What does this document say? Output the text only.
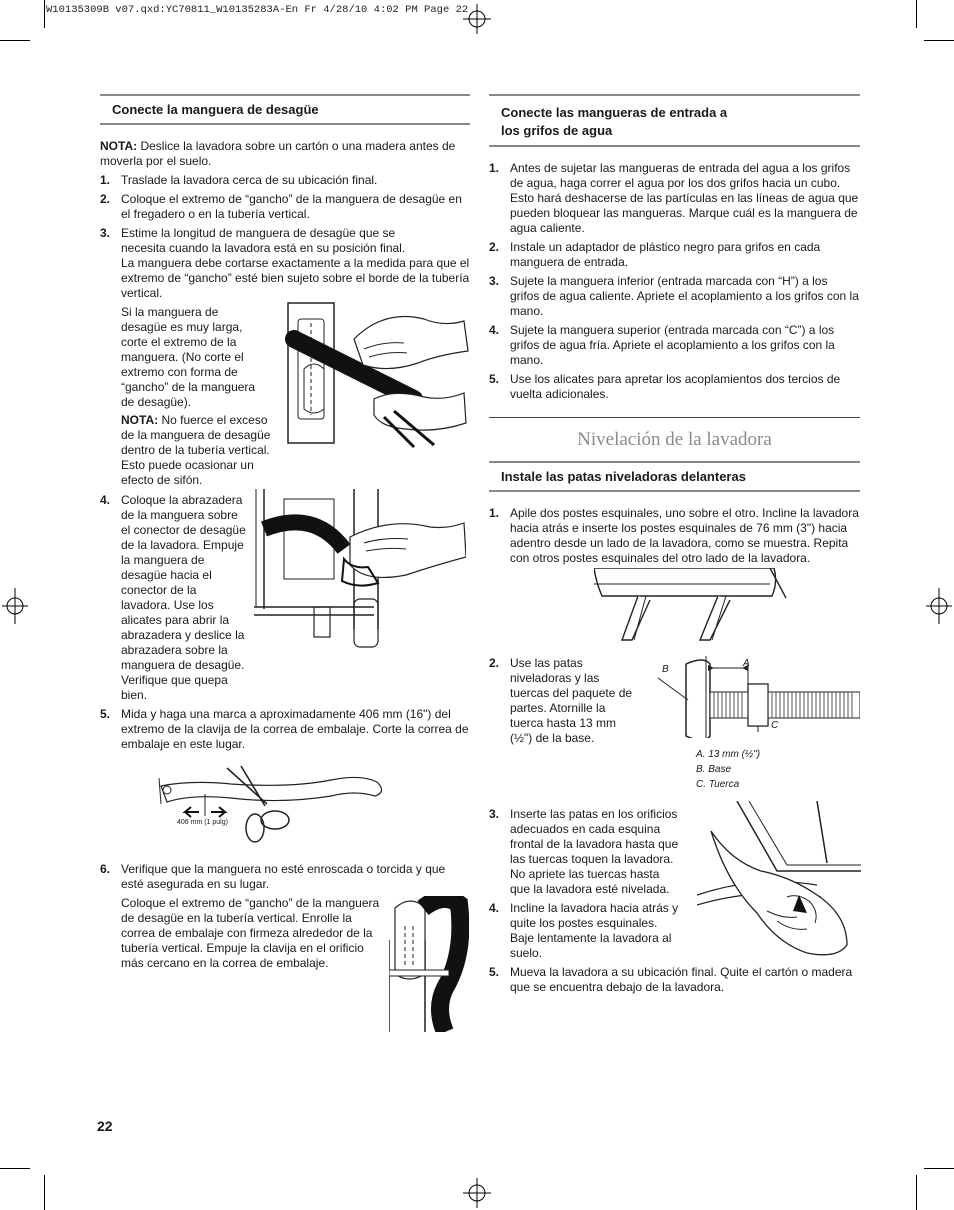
W10135309B v07.qxd:YC70811_W10135283A-En Fr 4/28/10 4:02 PM Page 22
Conecte la manguera de desagüe

NOTA: Deslice la lavadora sobre un cartón o una madera antes de moverla por el suelo.

1. Traslade la lavadora cerca de su ubicación final.

2. Coloque el extremo de “gancho” de la manguera de desagüe en el fregadero o en la tubería vertical.

3. Estime la longitud de manguera de desagüe que se necesita cuando la lavadora está en su posición final.

La manguera debe cortarse exactamente a la medida para que el extremo de “gancho” esté bien sujeto sobre el borde de la tubería vertical.

Si la manguera de desagüe es muy larga, corte el extremo de la manguera. (No corte el extremo con forma de “gancho” de la manguera de desagüe).

NOTA: No fuerce el exceso de la manguera de desagüe dentro de la tubería vertical. Esto puede ocasionar un efecto de sifón.

4. Coloque la abrazadera de la manguera sobre el conector de desagüe de la lavadora. Empuje la manguera de desagüe hacia el conector de la lavadora. Use los alicates para abrir la abrazadera y deslice la abrazadera sobre la manguera de desagüe. Verifique que quepa bien.

5. Mida y haga una marca a aproximadamente 406 mm (16") del extremo de la clavija de la correa de embalaje. Corte la correa de embalaje en este lugar.

406 mm (1 pulg)
6. Verifique que la manguera no esté enroscada o torcida y que esté asegurada en su lugar.

Coloque el extremo de “gancho” de la manguera de desagüe en la tubería vertical. Enrolle la correa de embalaje con firmeza alrededor de la tubería vertical. Empuje la clavija en el orificio más cercano en la correa de embalaje.

Conecte las mangueras de entrada a
los grifos de agua
1. Antes de sujetar las mangueras de entrada del agua a los grifos de agua, haga correr el agua por los dos grifos hacia un cubo. Esto hará deshacerse de las partículas en las líneas de agua que pueden bloquear las mangueras. Marque cuál es la manguera de agua caliente.

2. Instale un adaptador de plástico negro para grifos en cada manguera de entrada.

3. Sujete la manguera inferior (entrada marcada con “H”) a los grifos de agua caliente. Apriete el acoplamiento a los grifos con la mano.

4. Sujete la manguera superior (entrada marcada con “C”) a los grifos de agua fría. Apriete el acoplamiento a los grifos con la mano.

5. Use los alicates para apretar los acoplamientos dos tercios de vuelta adicionales.

Nivelación de la lavadora
Instale las patas niveladoras delanteras
1. Apile dos postes esquinales, uno sobre el otro. Incline la lavadora hacia atrás e inserte los postes esquinales de 76 mm (3") hacia adentro desde un lado de la lavadora, como se muestra. Repita con otros postes esquinales del otro lado de la lavadora.

2. Use las patas niveladoras y las tuercas del paquete de partes. Atornille la tuerca hasta 13 mm (½") de la base.

A
B
C
A. 13 mm (½")
B. Base
C. Tuerca
3. Inserte las patas en los orificios adecuados en cada esquina frontal de la lavadora hasta que las tuercas toquen la lavadora. No apriete las tuercas hasta que la lavadora esté nivelada.

4. Incline la lavadora hacia atrás y quite los postes esquinales. Baje lentamente la lavadora al suelo.

5. Mueva la lavadora a su ubicación final. Quite el cartón o madera que se encuentra debajo de la lavadora.

22
